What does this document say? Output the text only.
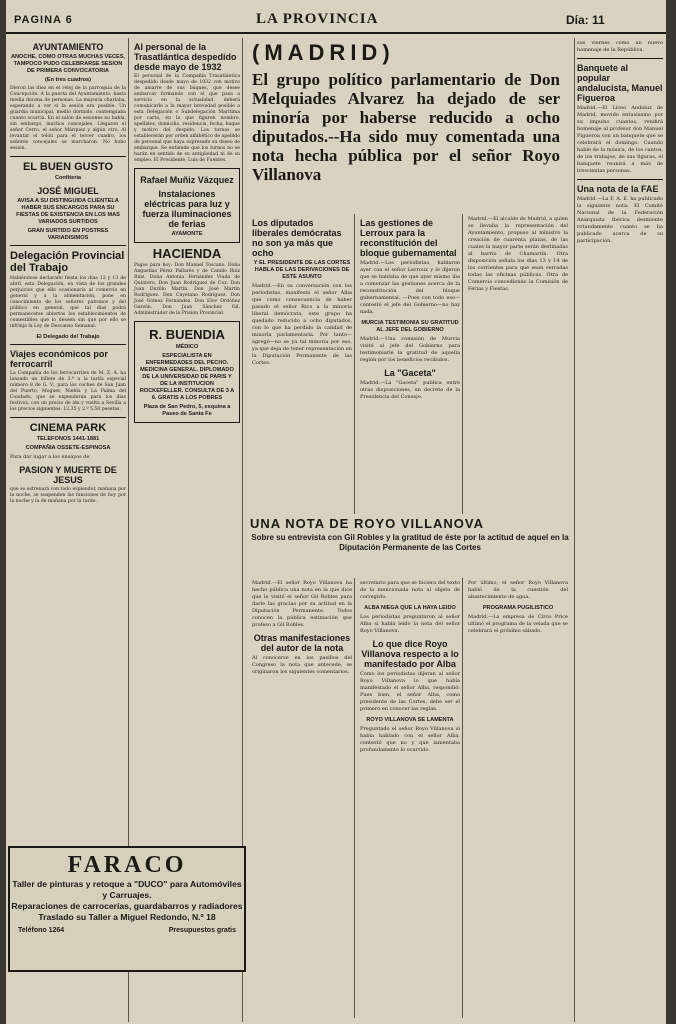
PAGINA 6	LA PROVINCIA	Día: 11
AYUNTAMIENTO
ANOCHE, COMO OTRAS MUCHAS VECES, TAMPOCO PUDO CELEBRARSE SESION DE PRIMERA CONVOCATORIA
(En tres cuadros)
Dieron las diez en el reloj de la parroquia de la Concepción. A la puerta del Ayuntamiento, hasta media docena de personas. La mayoría charlaba, esperando a ver si la sesión era posible. Un guardia municipal, medio dormido, contemplaba cuanto ocurría. En el salón de sesiones no había, sin embargo, muchos concejales. Llegaron el señor Cerro, el señor Márquez y algún otro. Al levantar el telón para el tercer cuadro, los señores concejales se marcharon. No hubo sesión.
EL BUEN GUSTO
Confitería
JOSÉ MIGUEL
AVISA A SU DISTINGUIDA CLIENTELA HABER SUS ENCARGOS PARA SU FIESTAS DE EXISTENCIA EN LOS MAS VARIADOS SURTIDOS
GRAN SURTIDO EN POSTRES VARIADISIMOS
Delegación Provincial del Trabajo
Habiéndose declarado fiesta los días 12 y 13 de abril, esta Delegación, en vista de los grandes perjuicios que ello ocasionaría al comercio en general y a la alimentación, pone en conocimiento de los señores patronos y del público en general, que tal días podrá permanecerse abiertos los establecimientos de comestibles que lo deseen sin que por ello se infrinja la Ley de Descanso Semanal.
El Delegado del Trabajo
Viajes económicos por ferrocarril
La Compañía de los ferrocarriles de M. Z. A. ha lanzado un billete de 3.ª a la tarifa especial número 8 de G. V., para los coches de San Juan del Puerto, Moguer, Niebla y La Palma del Condado, que se expenderán para los días festivos, con un precio de ida y vuelta a Sevilla a los precios siguientes: 12.35 y 2.ª 5.50 pesetas.
CINEMA PARK
TELEFONOS 1441-1881
COMPAÑIA OSSETE-ESPINOSA
Para dar lugar a los ensayos de
PASION Y MUERTE DE JESUS
que se estrenará con todo esplendor, mañana por la noche, se suspenden las funciones de hoy por la noche y la de mañana por la tarde.
Al personal de la Trasatlántica despedido desde mayo de 1932
El personal de la Compañía Trasatlántica despedido desde mayo de 1932 con motivo de amarre de sus buques, que desee embarcar formando con el que pasa a servicio en la actualidad, deberá comunicarlo a la mayor brevedad posible a esta Delegación o Subdelegación Marítima por carta, en la que figuren nombre, apellidos, domicilio, residencia, fecha, buque y motivo del despido. Los turnos se establecerán por orden alfabético de apellido de personal que haya expresado su deseo de embarque. Se entiende que los turnos no se harán en sentido de su antigüedad ni de su empleo. El Presidente, Luis de Fuentes.
Rafael Muñiz Vázquez
Instalaciones eléctricas para luz y fuerza iluminaciones de ferias
AYAMONTE
HACIENDA
Pagos para hoy: Don Manuel Toscano. Doña Angustias Pérez Pallarés y de Camilo Ruiz Ruiz. Doña Antonia Fernández Viuda de Quintero. Don Juan Rodríguez de Coz. Don Juan Durillo Martín. Don José Martín Rodríguez. Don Cayetano Rodríguez. Don José Gómez Fernández. Don Elov Ordóñez Garzón. Don Juan Sánchez Gil. Administrador de la Prisión Provincial.
R. BUENDIA
MÉDICO
ESPECIALISTA EN ENFERMEDADES DEL PECHO. MEDICINA GENERAL. DIPLOMADO DE LA UNIVERSIDAD DE PARIS Y DE LA INSTITUCION ROCKEFELLER. CONSULTA DE 3 A 6. GRATIS A LOS POBRES
Plaza de San Pedro, 5, esquina a Paseo de Santa Fe
FARACO
Taller de pinturas y retoque a "DUCO" para Automóviles y Carruajes.
Reparaciones de carrocerías, guardabarros y radiadores
Traslado su Taller a Miguel Redondo, N.º 18
Teléfono 1264	Presupuestos gratis
(MADRID)
El grupo político parlamentario de Don Melquiades Alvarez ha dejado de ser minoría por haberse reducido a ocho diputados.--Ha sido muy comentada una nota hecha pública por el señor Royo Villanova
Los diputados liberales demócratas no son ya más que ocho
Y EL PRESIDENTE DE LAS CORTES HABLA DE LAS DERIVACIONES DE ESTE ASUNTO
Madrid.—En su conversación con los periodistas, manifestó el señor Alba que como consecuencia de haber pasado el señor Rico a la minoría liberal demócrata, este grupo ha quedado reducido a ocho diputados, con lo que ha perdido la calidad de minoría parlamentaria. Por tanto—agregó—no se ya tal minoría por eso, ya que deja de tener representación en la Diputación Permanente de las Cortes.
Las gestiones de Lerroux para la reconstitución del bloque gubernamental
Madrid.—Los periodistas, hablaron ayer con el señor Lerroux y le dijeron que se hablaba de que ayer mismo iba a comenzar las gestiones acerca de la reconstitución del bloque gubernamental. —Pues con todo eso—contestó el jefe del Gobierno—no hay nada.
MURCIA TESTIMONIA SU GRATITUD AL JEFE DEL GOBIERNO
Madrid.—Una comisión de Murcia visitó al jefe del Gobierno para testimoniarle la gratitud de aquella región por los beneficios recibidos.
La "Gaceta"
Madrid.—La "Gaceta" publica entre otras disposiciones, un decreto de la Presidencia del Consejo.
Madrid.—El alcalde de Madrid, a quien se llevaba la representación del Ayuntamiento, propuso al ministro la creación de cuarenta plazas, de las cuales la mayor parte serán destinadas al barrio de Chamartín. Otra disposición señala los días 13 y 14 de los corrientes para que sean cerradas todas las oficinas públicas. Otra de Comercio concediendo la Comisión de Ferias y Fiestas.
UNA NOTA DE ROYO VILLANOVA
Sobre su entrevista con Gil Robles y la gratitud de éste por la actitud de aquel en la Diputación Permanente de las Cortes
Madrid.—El señor Royo Villanova ha hecho pública una nota en la que dice que le visitó el señor Gil Robles para darle las gracias por su actitud en la Diputación Permanente. Todos conocen la pública estimación que profeso a Gil Robles.
Otras manifestaciones del autor de la nota
Al conocerse en los pasillos del Congreso la nota que antecede, se originaron los siguientes comentarios.
secretario para que se hiciera del texto de la mencionada nota al objeto de corregirlo.
ALBA NIEGA QUE LA HAYA LEIDO
Los periodistas preguntaron al señor Alba si había leído la nota del señor Royo Villanova.
Lo que dice Royo Villanova respecto a lo manifestado por Alba
Como los periodistas dijeran al señor Royo Villanova lo que había manifestado el señor Alba, respondió: Pues bien, el señor Alba, como presidente de las Cortes, debe ser el primero en conocer las reglas.
ROYO VILLANOVA SE LAMENTA
Preguntado el señor Royo Villanova si había hablado con el señor Alba, contestó que no y que lamentaba profundamente lo ocurrido.
Por último, el señor Royo Villanova habló de la cuestión del abastecimiento de agua.
PROGRAMA PUGILISTICO
Madrid.—La empresa de Circo Price ultimó el programa de la velada que se celebrará el próximo sábado.
sus viernes como un nuevo homenaje de la República.
Banquete al popular andalucista, Manuel Figueroa
Madrid.—El Liceo Andaluz de Madrid, movido entusiasmo por su impulso cuantos, rendirá homenaje al profesor don Manuel Figueroa con un banquete que se celebrará el domingo. Cuando hable de la música, de los cantos, de los trabajos, de sus figuras, el banquete reunirá a más de trescientas personas.
Una nota de la FAE
Madrid.—La F. A. E. ha publicado la siguiente nota: El Comité Nacional de la Federación Anarquista Ibérica desmiente rotundamente cuanto se ha publicado acerca de su participación.
